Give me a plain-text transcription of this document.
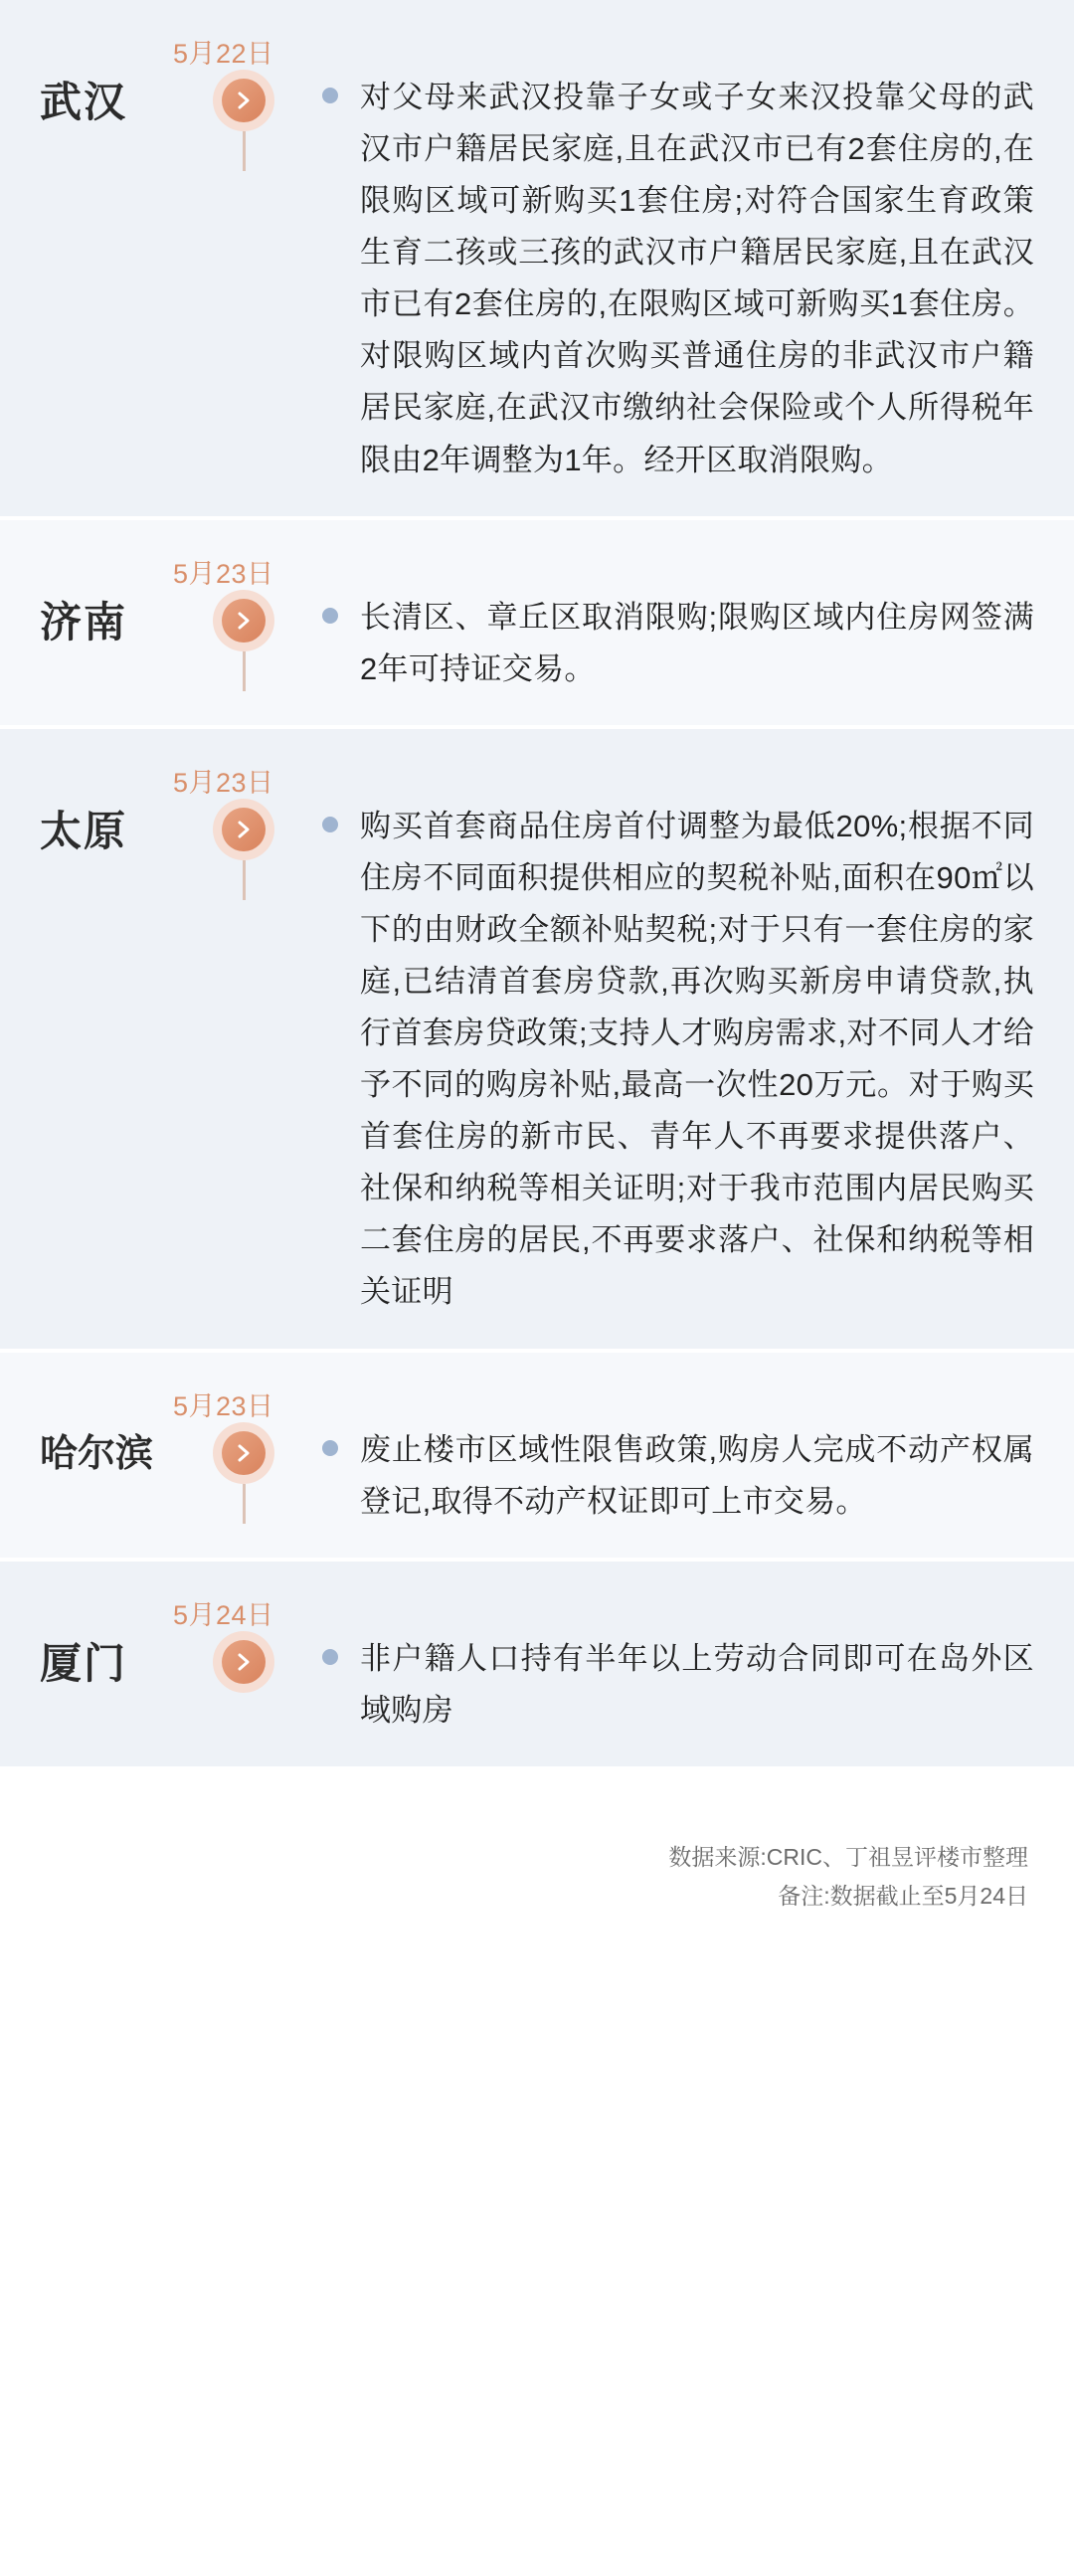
5月22日
武汉	对父母来武汉投靠子女或子女来汉投靠父母的武汉市户籍居民家庭,且在武汉市已有2套住房的,在限购区域可新购买1套住房;对符合国家生育政策生育二孩或三孩的武汉市户籍居民家庭,且在武汉市已有2套住房的,在限购区域可新购买1套住房。对限购区域内首次购买普通住房的非武汉市户籍居民家庭,在武汉市缴纳社会保险或个人所得税年限由2年调整为1年。经开区取消限购。
5月23日
济南	长清区、章丘区取消限购;限购区域内住房网签满2年可持证交易。
5月23日
太原	购买首套商品住房首付调整为最低20%;根据不同住房不同面积提供相应的契税补贴,面积在90㎡以下的由财政全额补贴契税;对于只有一套住房的家庭,已结清首套房贷款,再次购买新房申请贷款,执行首套房贷政策;支持人才购房需求,对不同人才给予不同的购房补贴,最高一次性20万元。对于购买首套住房的新市民、青年人不再要求提供落户、社保和纳税等相关证明;对于我市范围内居民购买二套住房的居民,不再要求落户、社保和纳税等相关证明
5月23日
哈尔滨	废止楼市区域性限售政策,购房人完成不动产权属登记,取得不动产权证即可上市交易。
5月24日
厦门	非户籍人口持有半年以上劳动合同即可在岛外区域购房
数据来源:CRIC、丁祖昱评楼市整理
备注:数据截止至5月24日
